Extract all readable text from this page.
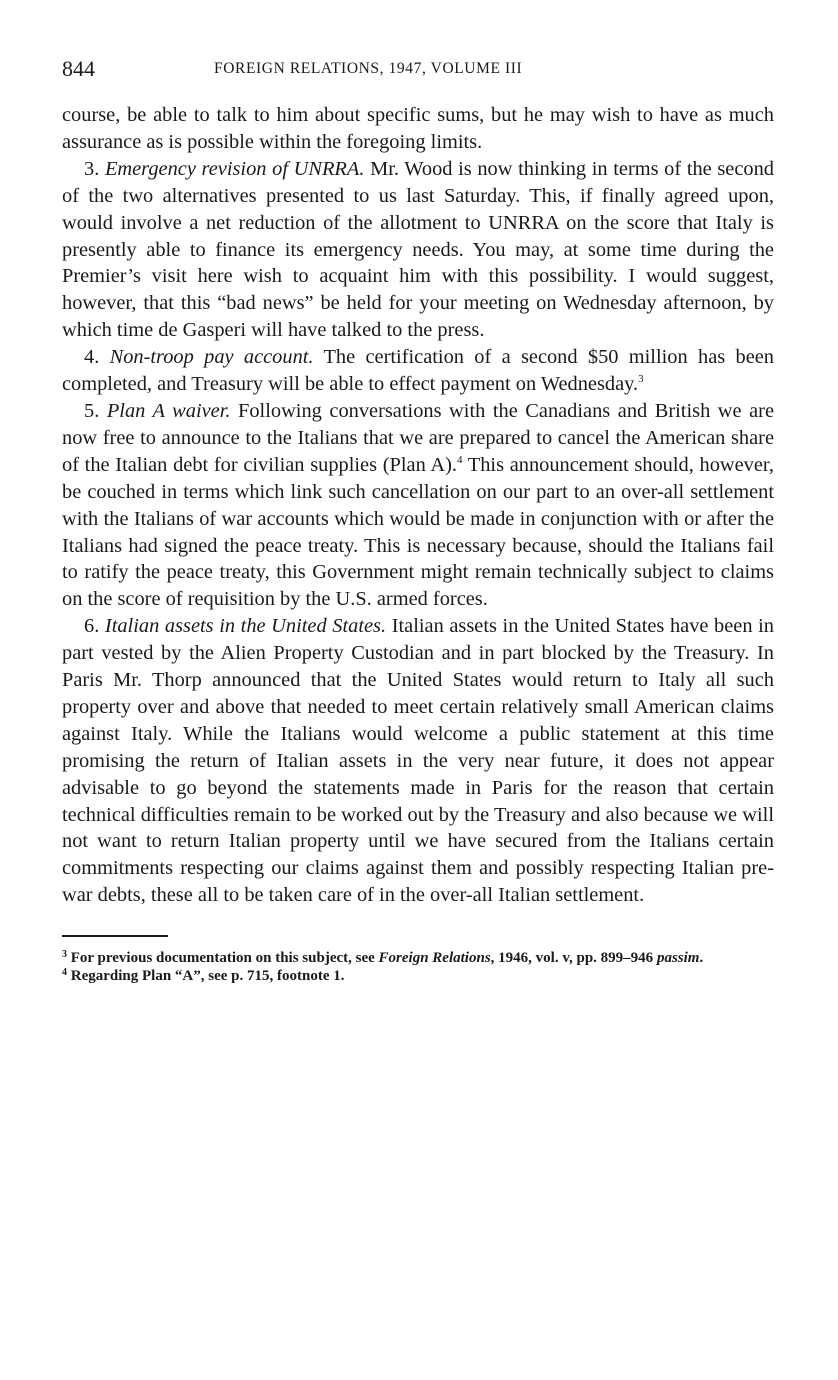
844	FOREIGN RELATIONS, 1947, VOLUME III

course, be able to talk to him about specific sums, but he may wish to have as much assurance as is possible within the foregoing limits.

3. Emergency revision of UNRRA. Mr. Wood is now thinking in terms of the second of the two alternatives presented to us last Saturday. This, if finally agreed upon, would involve a net reduction of the allotment to UNRRA on the score that Italy is presently able to finance its emergency needs. You may, at some time during the Premier’s visit here wish to acquaint him with this possibility. I would suggest, however, that this “bad news” be held for your meeting on Wednesday afternoon, by which time de Gasperi will have talked to the press.

4. Non-troop pay account. The certification of a second $50 million has been completed, and Treasury will be able to effect payment on Wednesday.$^3$

5. Plan A waiver. Following conversations with the Canadians and British we are now free to announce to the Italians that we are prepared to cancel the American share of the Italian debt for civilian supplies (Plan A).$^4$ This announcement should, however, be couched in terms which link such cancellation on our part to an over-all settlement with the Italians of war accounts which would be made in conjunction with or after the Italians had signed the peace treaty. This is necessary because, should the Italians fail to ratify the peace treaty, this Government might remain technically subject to claims on the score of requisition by the U.S. armed forces.

6. Italian assets in the United States. Italian assets in the United States have been in part vested by the Alien Property Custodian and in part blocked by the Treasury. In Paris Mr. Thorp announced that the United States would return to Italy all such property over and above that needed to meet certain relatively small American claims against Italy. While the Italians would welcome a public statement at this time promising the return of Italian assets in the very near future, it does not appear advisable to go beyond the statements made in Paris for the reason that certain technical difficulties remain to be worked out by the Treasury and also because we will not want to return Italian property until we have secured from the Italians certain commitments respecting our claims against them and possibly respecting Italian pre-war debts, these all to be taken care of in the over-all Italian settlement.

$^3$ For previous documentation on this subject, see Foreign Relations, 1946, vol. v, pp. 899–946 passim.

$^4$ Regarding Plan “A”, see p. 715, footnote 1.
